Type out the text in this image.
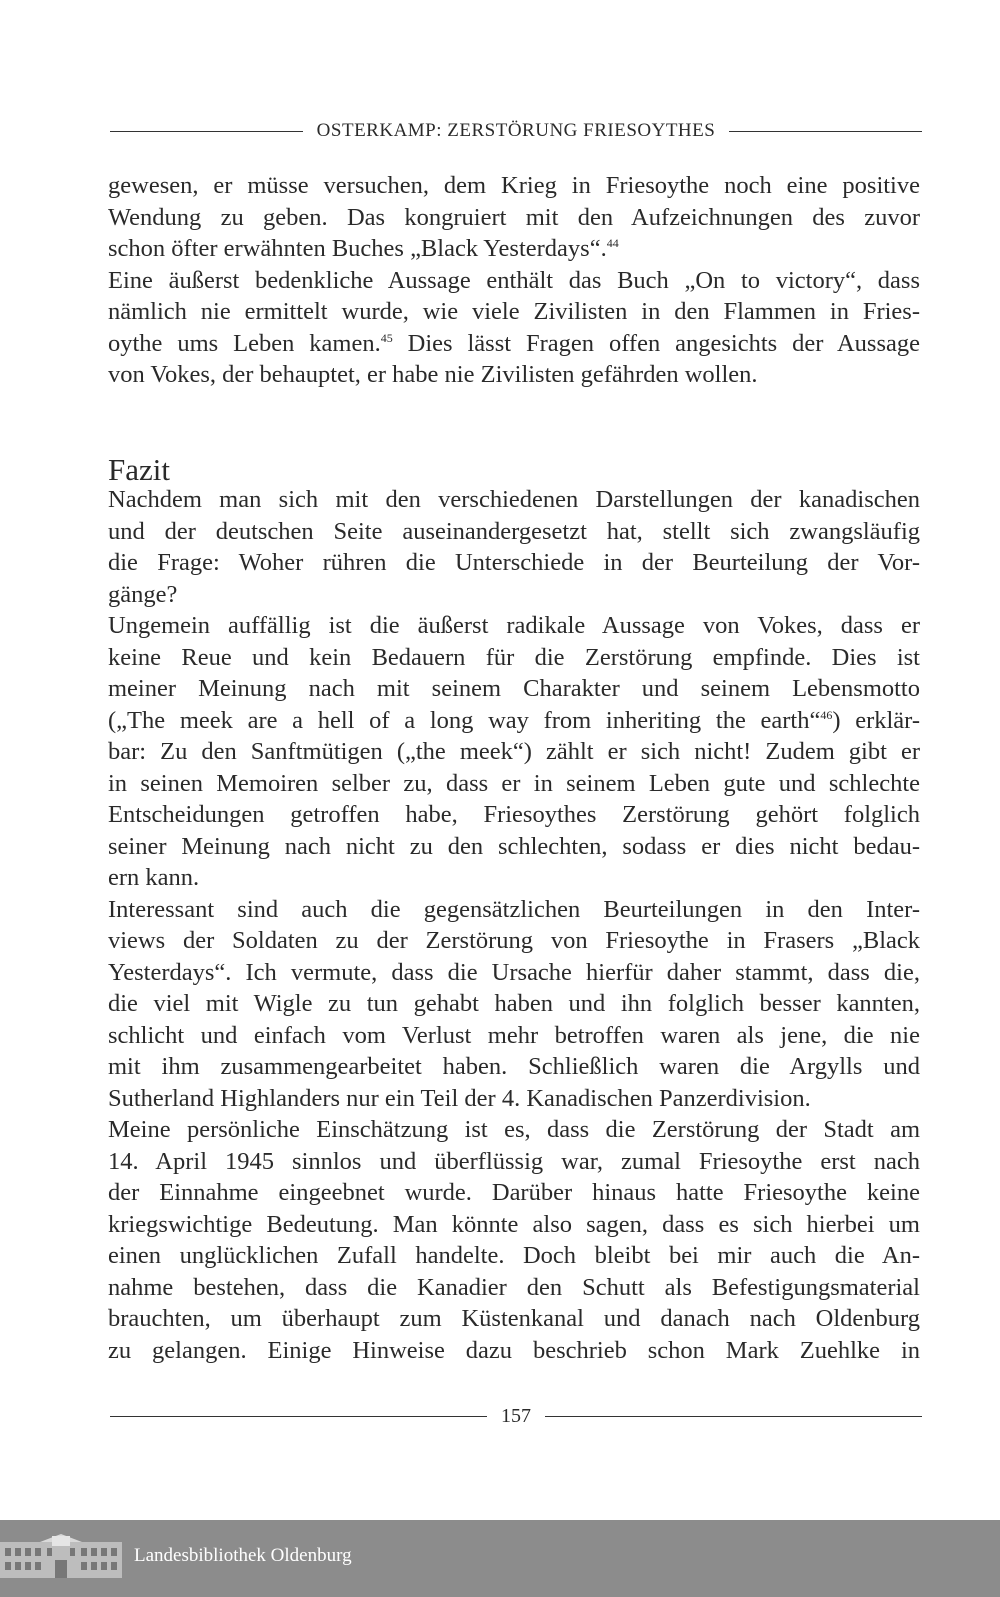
OSTERKAMP: ZERSTÖRUNG FRIESOYTHES
gewesen, er müsse versuchen, dem Krieg in Friesoythe noch eine positive
Wendung zu geben. Das kongruiert mit den Aufzeichnungen des zuvor
schon öfter erwähnten Buches „Black Yesterdays“.$^{44}$
Eine äußerst bedenkliche Aussage enthält das Buch „On to victory“, dass
nämlich nie ermittelt wurde, wie viele Zivilisten in den Flammen in Fries-
oythe ums Leben kamen.$^{45}$ Dies lässt Fragen offen angesichts der Aussage
von Vokes, der behauptet, er habe nie Zivilisten gefährden wollen.
Fazit
Nachdem man sich mit den verschiedenen Darstellungen der kanadischen
und der deutschen Seite auseinandergesetzt hat, stellt sich zwangsläufig
die Frage: Woher rühren die Unterschiede in der Beurteilung der Vor-
gänge?
Ungemein auffällig ist die äußerst radikale Aussage von Vokes, dass er
keine Reue und kein Bedauern für die Zerstörung empfinde. Dies ist
meiner Meinung nach mit seinem Charakter und seinem Lebensmotto
(„The meek are a hell of a long way from inheriting the earth“$^{46}$) erklär-
bar: Zu den Sanftmütigen („the meek“) zählt er sich nicht! Zudem gibt er
in seinen Memoiren selber zu, dass er in seinem Leben gute und schlechte
Entscheidungen getroffen habe, Friesoythes Zerstörung gehört folglich
seiner Meinung nach nicht zu den schlechten, sodass er dies nicht bedau-
ern kann.
Interessant sind auch die gegensätzlichen Beurteilungen in den Inter-
views der Soldaten zu der Zerstörung von Friesoythe in Frasers „Black
Yesterdays“. Ich vermute, dass die Ursache hierfür daher stammt, dass die,
die viel mit Wigle zu tun gehabt haben und ihn folglich besser kannten,
schlicht und einfach vom Verlust mehr betroffen waren als jene, die nie
mit ihm zusammengearbeitet haben. Schließlich waren die Argylls und
Sutherland Highlanders nur ein Teil der 4. Kanadischen Panzerdivision.
Meine persönliche Einschätzung ist es, dass die Zerstörung der Stadt am
14. April 1945 sinnlos und überflüssig war, zumal Friesoythe erst nach
der Einnahme eingeebnet wurde. Darüber hinaus hatte Friesoythe keine
kriegswichtige Bedeutung. Man könnte also sagen, dass es sich hierbei um
einen unglücklichen Zufall handelte. Doch bleibt bei mir auch die An-
nahme bestehen, dass die Kanadier den Schutt als Befestigungsmaterial
brauchten, um überhaupt zum Küstenkanal und danach nach Oldenburg
zu gelangen. Einige Hinweise dazu beschrieb schon Mark Zuehlke in
157
Landesbibliothek Oldenburg
